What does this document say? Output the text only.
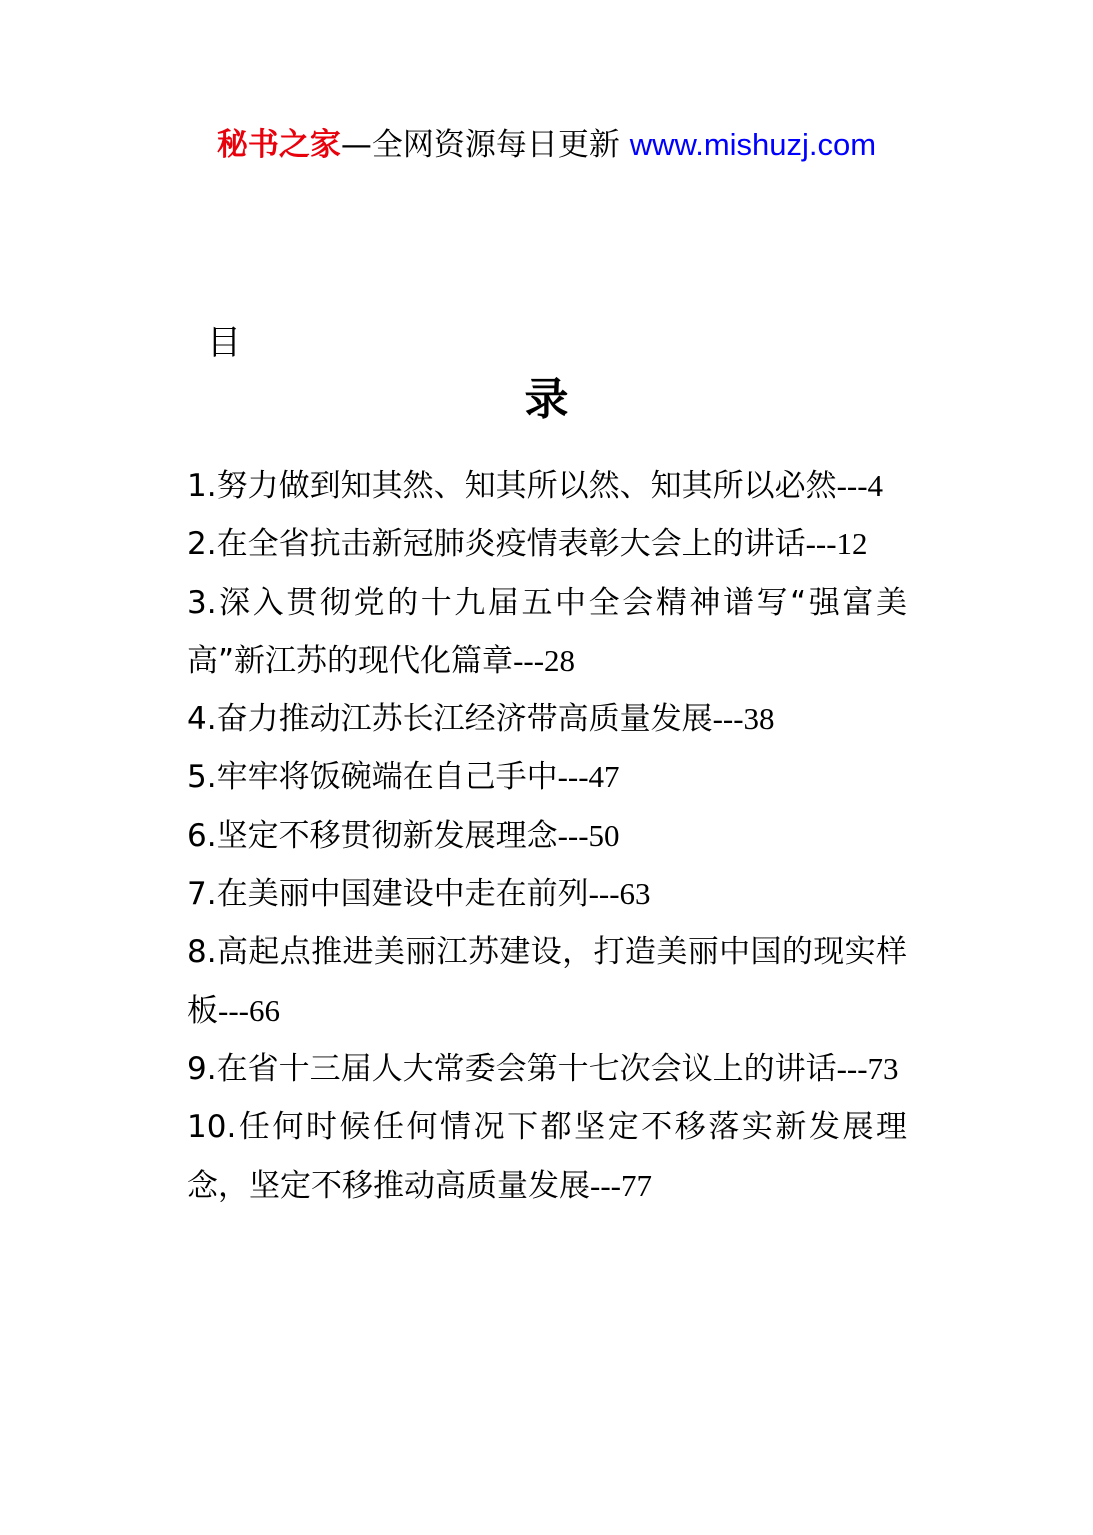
秘书之家—全网资源每日更新 www.mishuzj.com
目
录
1.努力做到知其然、知其所以然、知其所以必然---4
2.在全省抗击新冠肺炎疫情表彰大会上的讲话---12
3.深入贯彻党的十九届五中全会精神谱写“强富美高”新江苏的现代化篇章---28
4.奋力推动江苏长江经济带高质量发展---38
5.牢牢将饭碗端在自己手中---47
6.坚定不移贯彻新发展理念---50
7.在美丽中国建设中走在前列---63
8.高起点推进美丽江苏建设，打造美丽中国的现实样板---66
9.在省十三届人大常委会第十七次会议上的讲话---73
10.任何时候任何情况下都坚定不移落实新发展理念，坚定不移推动高质量发展---77
